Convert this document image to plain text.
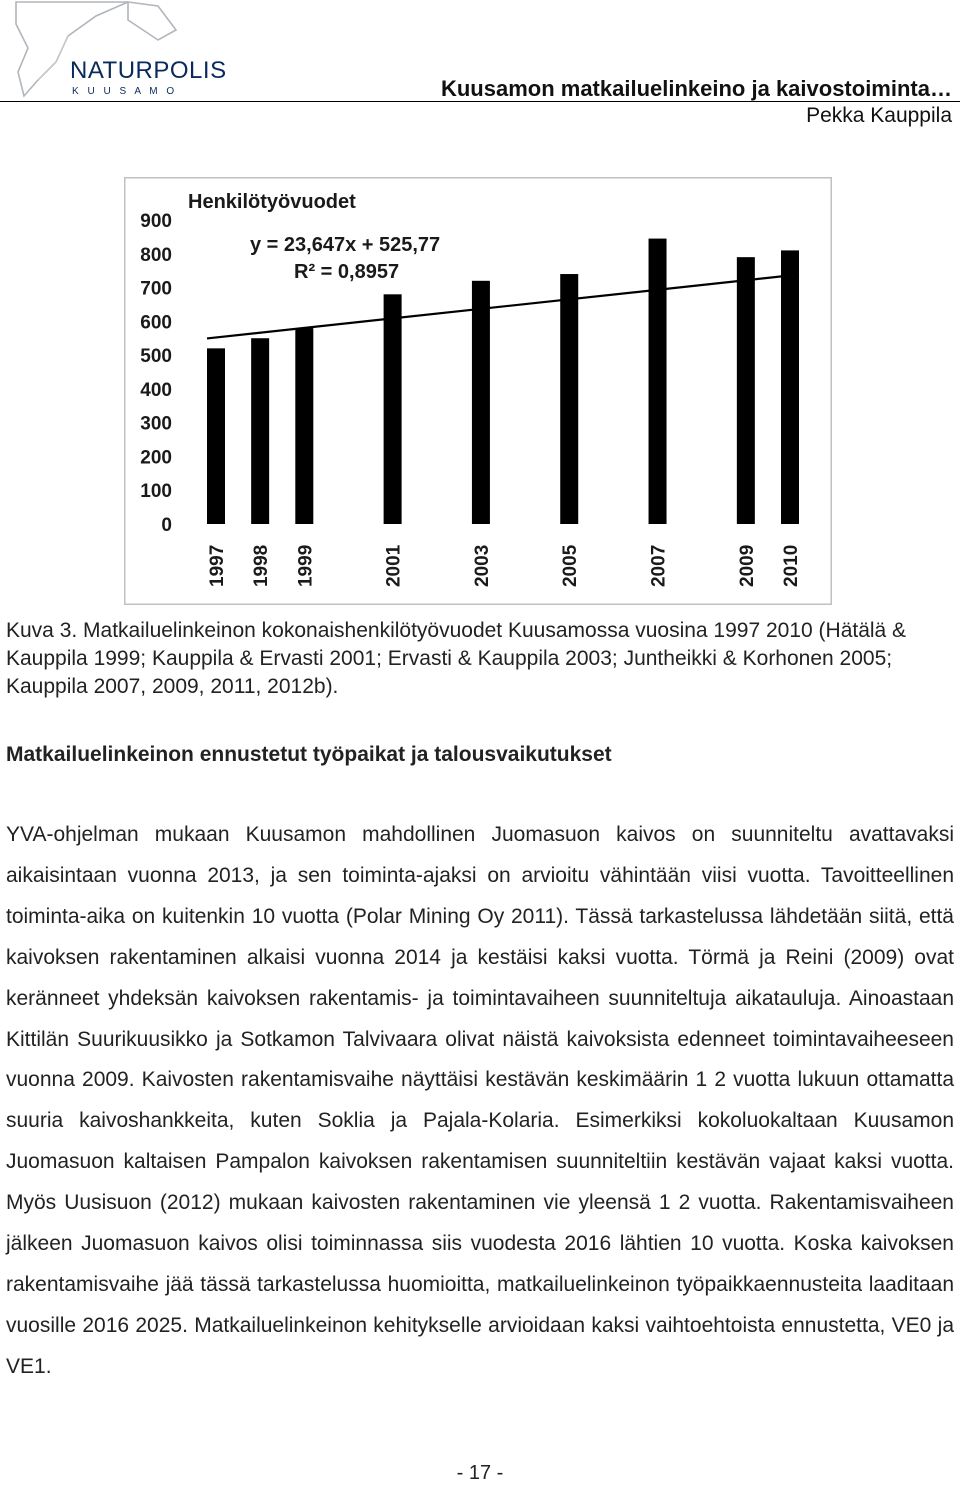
NATURPOLIS
K U U S A M O	Kuusamon matkailuelinkeino ja kaivostoiminta…
Pekka Kauppila
Henkilötyövuodet
y = 23,647x + 525,77
R² = 0,8957
0
100
200
300
400
500
600
700
800
900
1997 1998 1999	2001	2003	2005	2007	2009 2010
Kuva 3. Matkailuelinkeinon kokonaishenkilötyövuodet Kuusamossa vuosina 1997 2010 (Hätälä & Kauppila 1999; Kauppila & Ervasti 2001; Ervasti & Kauppila 2003; Juntheikki & Korhonen 2005; Kauppila 2007, 2009, 2011, 2012b).
Matkailuelinkeinon ennustetut työpaikat ja talousvaikutukset
YVA-ohjelman mukaan Kuusamon mahdollinen Juomasuon kaivos on suunniteltu avattavaksi aikaisintaan vuonna 2013, ja sen toiminta-ajaksi on arvioitu vähintään viisi vuotta. Tavoitteellinen toiminta-aika on kuitenkin 10 vuotta (Polar Mining Oy 2011). Tässä tarkastelussa lähdetään siitä, että kaivoksen rakentaminen alkaisi vuonna 2014 ja kestäisi kaksi vuotta. Törmä ja Reini (2009) ovat keränneet yhdeksän kaivoksen rakentamis- ja toimintavaiheen suunniteltuja aikatauluja. Ainoastaan Kittilän Suurikuusikko ja Sotkamon Talvivaara olivat näistä kaivoksista edenneet toimintavaiheeseen vuonna 2009. Kaivosten rakentamisvaihe näyttäisi kestävän keskimäärin 1 2 vuotta lukuun ottamatta suuria kaivoshankkeita, kuten Soklia ja Pajala-Kolaria. Esimerkiksi kokoluokaltaan Kuusamon Juomasuon kaltaisen Pampalon kaivoksen rakentamisen suunniteltiin kestävän vajaat kaksi vuotta. Myös Uusisuon (2012) mukaan kaivosten rakentaminen vie yleensä 1 2 vuotta. Rakentamisvaiheen jälkeen Juomasuon kaivos olisi toiminnassa siis vuodesta 2016 lähtien 10 vuotta. Koska kaivoksen rakentamisvaihe jää tässä tarkastelussa huomioitta, matkailuelinkeinon työpaikkaennusteita laaditaan vuosille 2016 2025. Matkailuelinkeinon kehitykselle arvioidaan kaksi vaihtoehtoista ennustetta, VE0 ja VE1.
- 17 -
